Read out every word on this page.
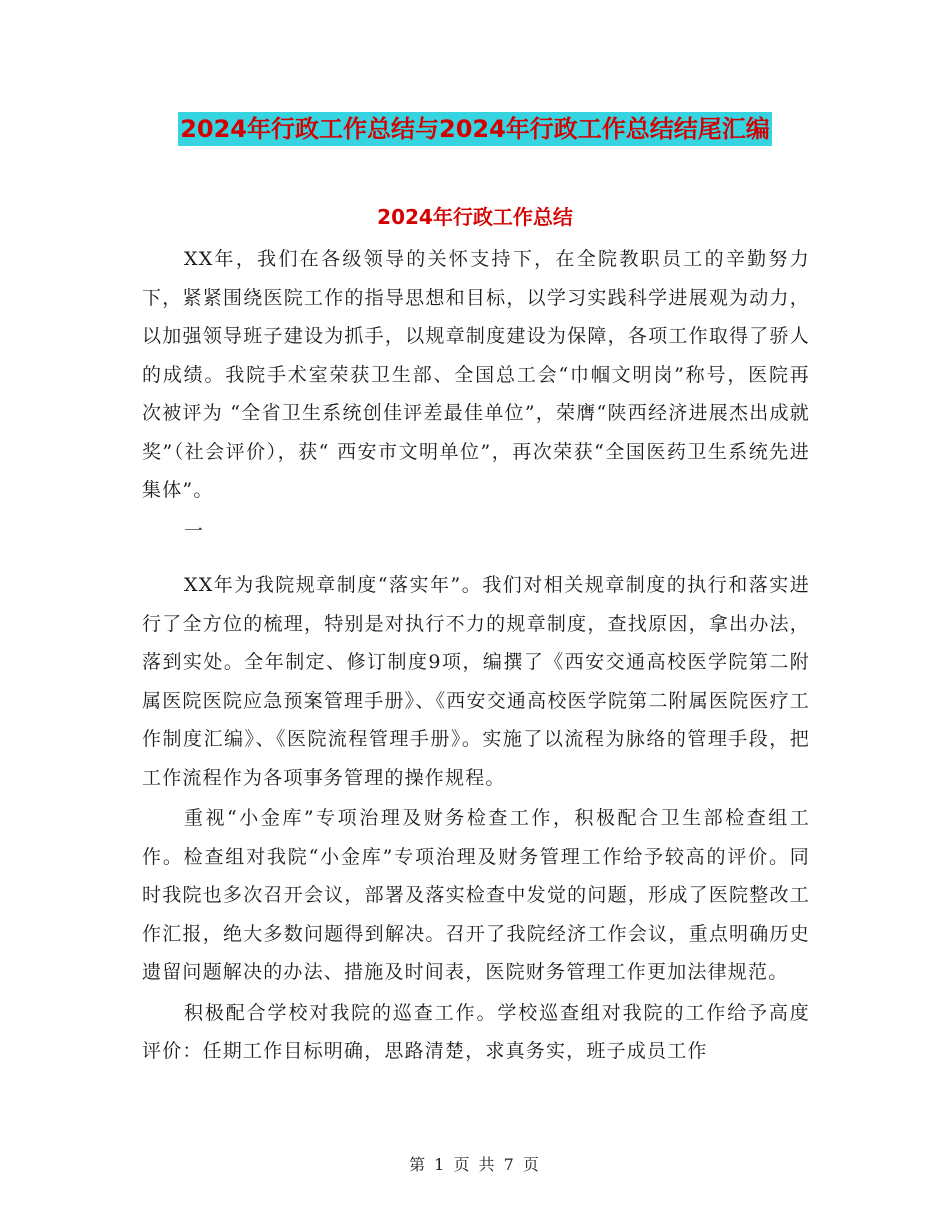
2024年行政工作总结与2024年行政工作总结结尾汇编
2024年行政工作总结

XX年，我们在各级领导的关怀支持下，在全院教职员工的辛勤努力下，紧紧围绕医院工作的指导思想和目标，以学习实践科学进展观为动力，以加强领导班子建设为抓手，以规章制度建设为保障，各项工作取得了骄人的成绩。我院手术室荣获卫生部、全国总工会“巾帼文明岗”称号，医院再次被评为 “全省卫生系统创佳评差最佳单位”，荣膺“陕西经济进展杰出成就奖”（社会评价），获“ 西安市文明单位”，再次荣获“全国医药卫生系统先进集体”。

一

XX年为我院规章制度“落实年”。我们对相关规章制度的执行和落实进行了全方位的梳理，特别是对执行不力的规章制度，查找原因，拿出办法，落到实处。全年制定、修订制度9项，编撰了《西安交通高校医学院第二附属医院医院应急预案管理手册》、《西安交通高校医学院第二附属医院医疗工作制度汇编》、《医院流程管理手册》。实施了以流程为脉络的管理手段，把工作流程作为各项事务管理的操作规程。

重视“小金库”专项治理及财务检查工作，积极配合卫生部检查组工作。检查组对我院“小金库”专项治理及财务管理工作给予较高的评价。同时我院也多次召开会议，部署及落实检查中发觉的问题，形成了医院整改工作汇报，绝大多数问题得到解决。召开了我院经济工作会议，重点明确历史遗留问题解决的办法、措施及时间表，医院财务管理工作更加法律规范。

积极配合学校对我院的巡查工作。学校巡查组对我院的工作给予高度评价：任期工作目标明确，思路清楚，求真务实，班子成员工作

第 1 页 共 7 页
